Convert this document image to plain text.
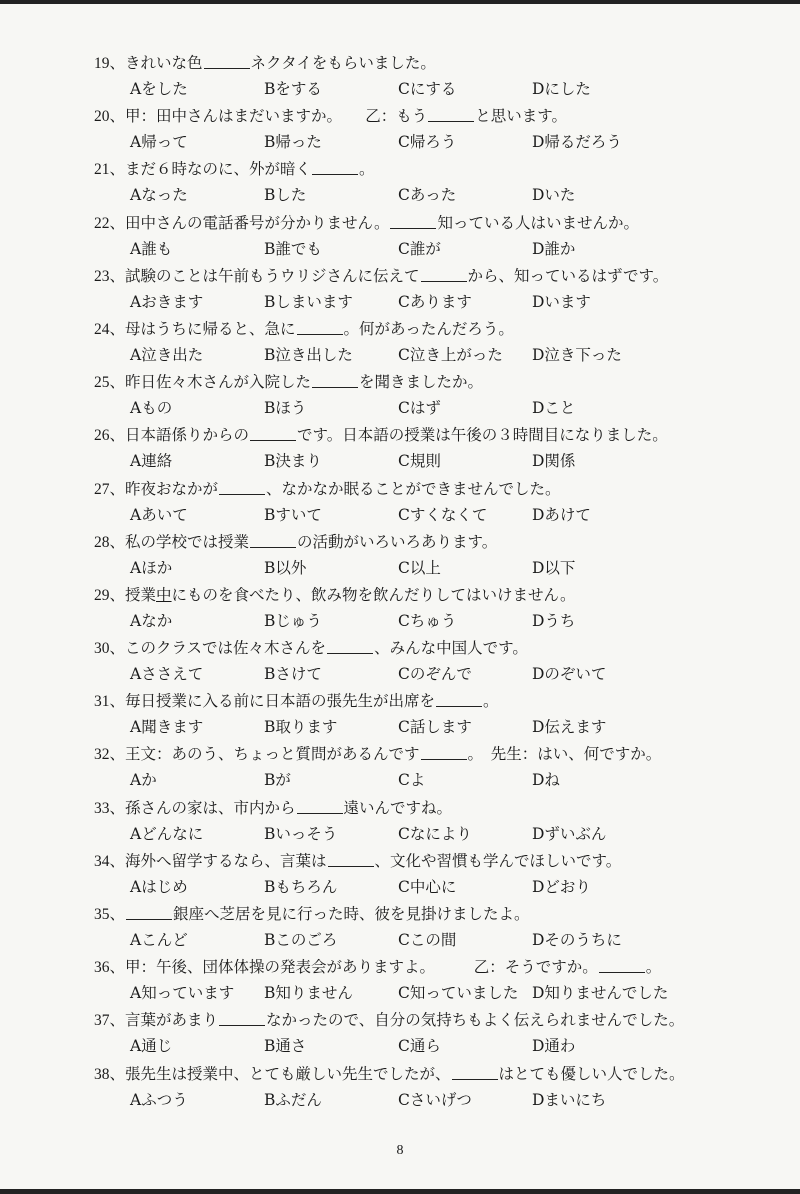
19、きれいな色	ネクタイをもらいました。
Aをした	Bをする	Cにする	Dにした
20、甲：田中さんはまだいますか。　　乙：もう	と思います。
A帰って	B帰った	C帰ろう	D帰るだろう
21、まだ６時なのに、外が暗く	。
Aなった	Bした	Cあった	Dいた
22、田中さんの電話番号が分かりません。	知っている人はいませんか。
A誰も	B誰でも	C誰が	D誰か
23、試験のことは午前もうウリジさんに伝えて	から、知っているはずです。
Aおきます	Bしまいます	Cあります	Dいます
24、母はうちに帰ると、急に	。何があったんだろう。
A泣き出た	B泣き出した	C泣き上がった D泣き下った
25、昨日佐々木さんが入院した	を聞きましたか。
Aもの	Bほう	Cはず	Dこと
26、日本語係りからの	です。日本語の授業は午後の３時間目になりました。
A連絡	B決まり	C規則	D関係
27、昨夜おなかが	、なかなか眠ることができませんでした。
Aあいて	Bすいて	Cすくなくて	Dあけて
28、私の学校では授業	の活動がいろいろあります。
Aほか	B以外	C以上	D以下
29、授業中にものを食べたり、飲み物を飲んだりしてはいけません。
Aなか	Bじゅう	Cちゅう	Dうち
30、このクラスでは佐々木さんを	、みんな中国人です。
Aささえて	Bさけて	Cのぞんで	Dのぞいて
31、毎日授業に入る前に日本語の張先生が出席を	。
A聞きます	B取ります	C話します	D伝えます
32、王文：あのう、ちょっと質問があるんです	。　先生：はい、何ですか。
Aか	Bが	Cよ	Dね
33、孫さんの家は、市内から	遠いんですね。
Aどんなに	Bいっそう	Cなにより	Dずいぶん
34、海外へ留学するなら、言葉は	、文化や習慣も学んでほしいです。
Aはじめ	Bもちろん	C中心に	Dどおり
35、	銀座へ芝居を見に行った時、彼を見掛けましたよ。
Aこんど	Bこのごろ	Cこの間	Dそのうちに
36、甲：午後、団体体操の発表会がありますよ。　　　乙：そうですか。	。
A知っています B知りません	C知っていました D知りませんでした
37、言葉があまり	なかったので、自分の気持ちもよく伝えられませんでした。
A通じ	B通さ	C通ら	D通わ
38、張先生は授業中、とても厳しい先生でしたが、	はとても優しい人でした。
Aふつう	Bふだん	Cさいげつ	Dまいにち
8
